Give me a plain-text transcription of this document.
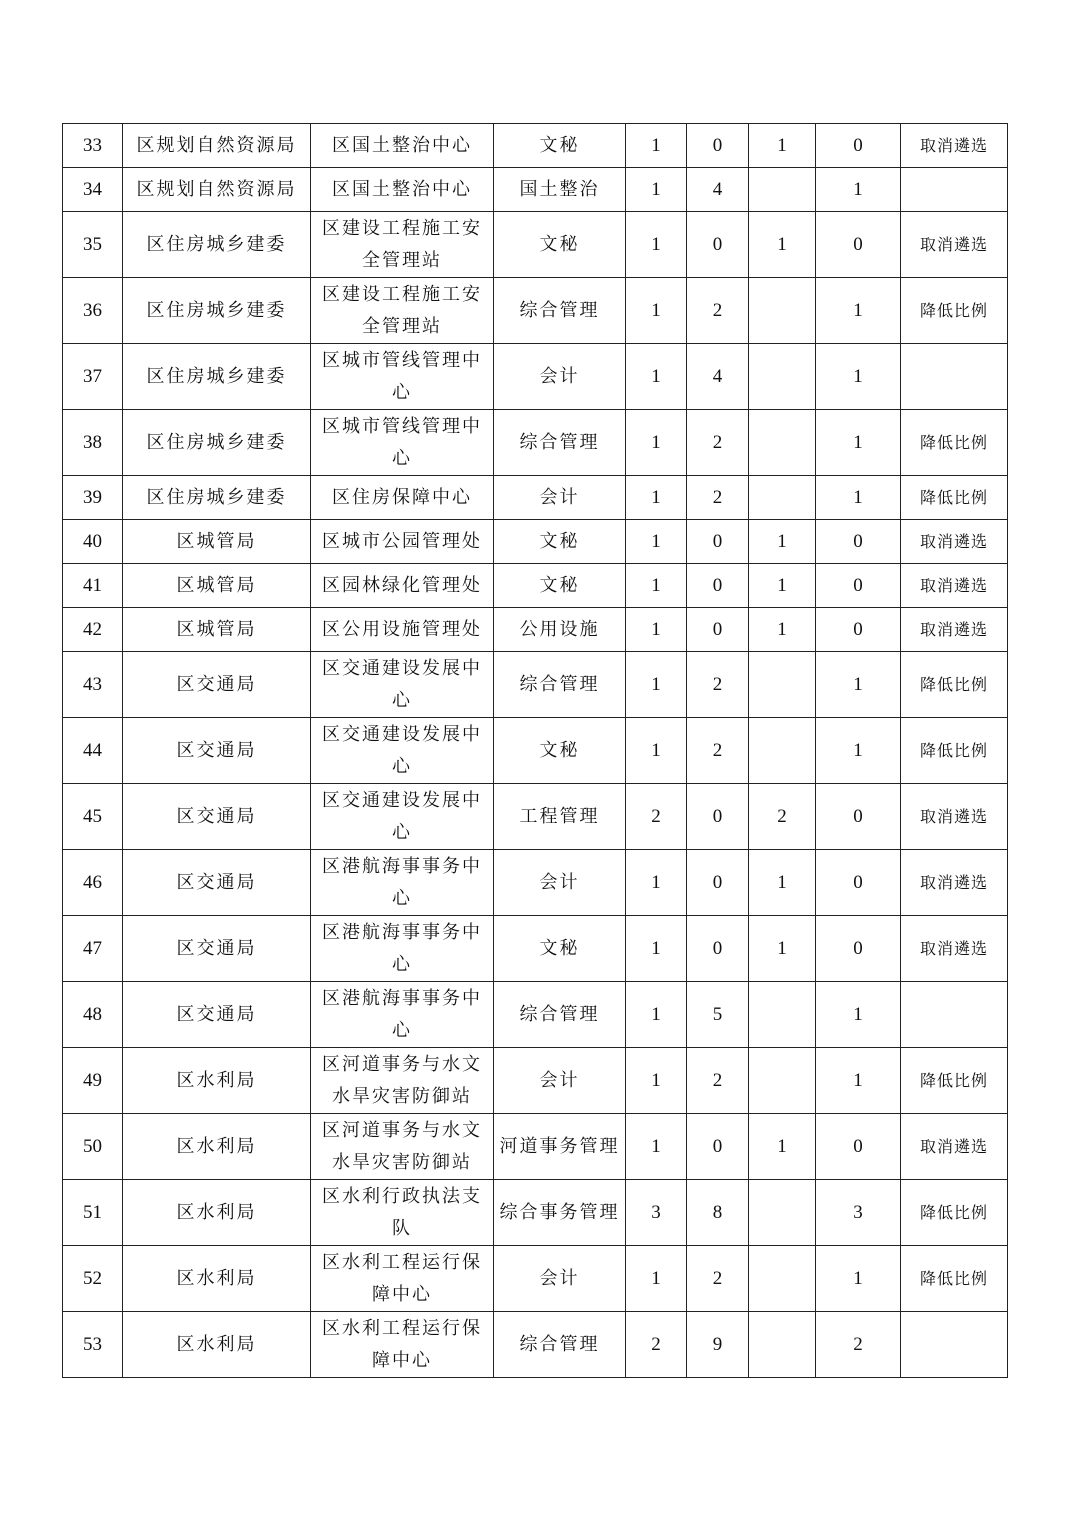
33	区规划自然资源局	区国土整治中心	文秘	1	0	1	0	取消遴选
34	区规划自然资源局	区国土整治中心	国土整治	1	4		1	
35	区住房城乡建委	区建设工程施工安全管理站	文秘	1	0	1	0	取消遴选
36	区住房城乡建委	区建设工程施工安全管理站	综合管理	1	2		1	降低比例
37	区住房城乡建委	区城市管线管理中心	会计	1	4		1	
38	区住房城乡建委	区城市管线管理中心	综合管理	1	2		1	降低比例
39	区住房城乡建委	区住房保障中心	会计	1	2		1	降低比例
40	区城管局	区城市公园管理处	文秘	1	0	1	0	取消遴选
41	区城管局	区园林绿化管理处	文秘	1	0	1	0	取消遴选
42	区城管局	区公用设施管理处	公用设施	1	0	1	0	取消遴选
43	区交通局	区交通建设发展中心	综合管理	1	2		1	降低比例
44	区交通局	区交通建设发展中心	文秘	1	2		1	降低比例
45	区交通局	区交通建设发展中心	工程管理	2	0	2	0	取消遴选
46	区交通局	区港航海事事务中心	会计	1	0	1	0	取消遴选
47	区交通局	区港航海事事务中心	文秘	1	0	1	0	取消遴选
48	区交通局	区港航海事事务中心	综合管理	1	5		1	
49	区水利局	区河道事务与水文水旱灾害防御站	会计	1	2		1	降低比例
50	区水利局	区河道事务与水文水旱灾害防御站	河道事务管理	1	0	1	0	取消遴选
51	区水利局	区水利行政执法支队	综合事务管理	3	8		3	降低比例
52	区水利局	区水利工程运行保障中心	会计	1	2		1	降低比例
53	区水利局	区水利工程运行保障中心	综合管理	2	9		2	
